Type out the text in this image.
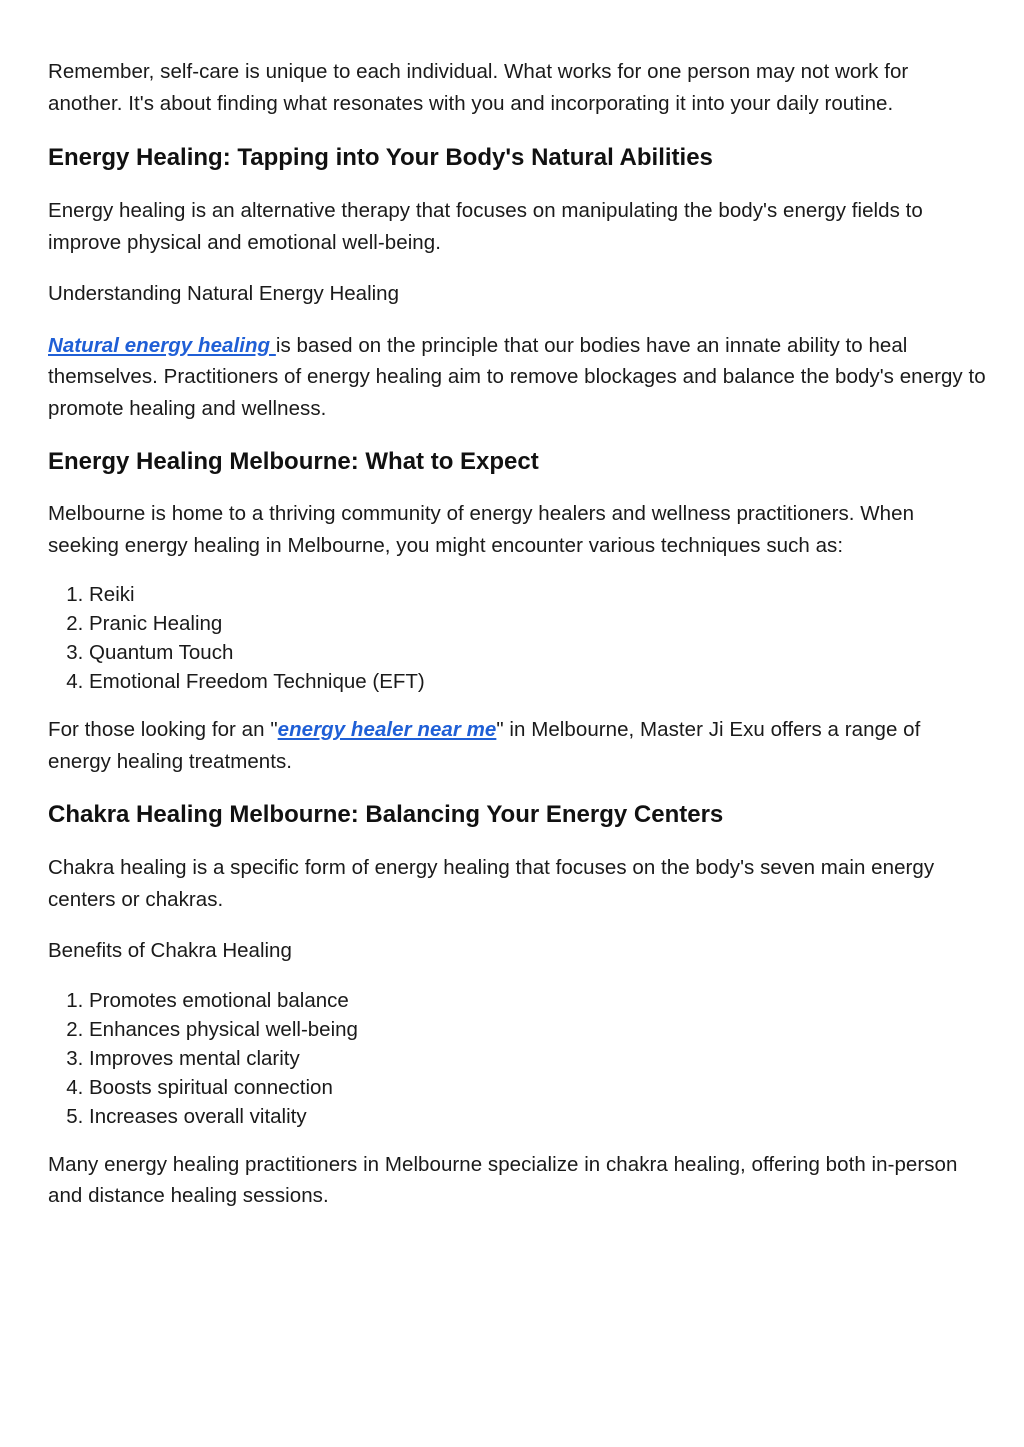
Remember, self-care is unique to each individual. What works for one person may not work for another. It's about finding what resonates with you and incorporating it into your daily routine.

Energy Healing: Tapping into Your Body's Natural Abilities

Energy healing is an alternative therapy that focuses on manipulating the body's energy fields to improve physical and emotional well-being.

Understanding Natural Energy Healing

Natural energy healing is based on the principle that our bodies have an innate ability to heal themselves. Practitioners of energy healing aim to remove blockages and balance the body's energy to promote healing and wellness.

Energy Healing Melbourne: What to Expect

Melbourne is home to a thriving community of energy healers and wellness practitioners. When seeking energy healing in Melbourne, you might encounter various techniques such as:

1. Reiki
2. Pranic Healing
3. Quantum Touch
4. Emotional Freedom Technique (EFT)

For those looking for an "energy healer near me" in Melbourne, Master Ji Exu offers a range of energy healing treatments.

Chakra Healing Melbourne: Balancing Your Energy Centers

Chakra healing is a specific form of energy healing that focuses on the body's seven main energy centers or chakras.

Benefits of Chakra Healing

1. Promotes emotional balance
2. Enhances physical well-being
3. Improves mental clarity
4. Boosts spiritual connection
5. Increases overall vitality

Many energy healing practitioners in Melbourne specialize in chakra healing, offering both in-person and distance healing sessions.
